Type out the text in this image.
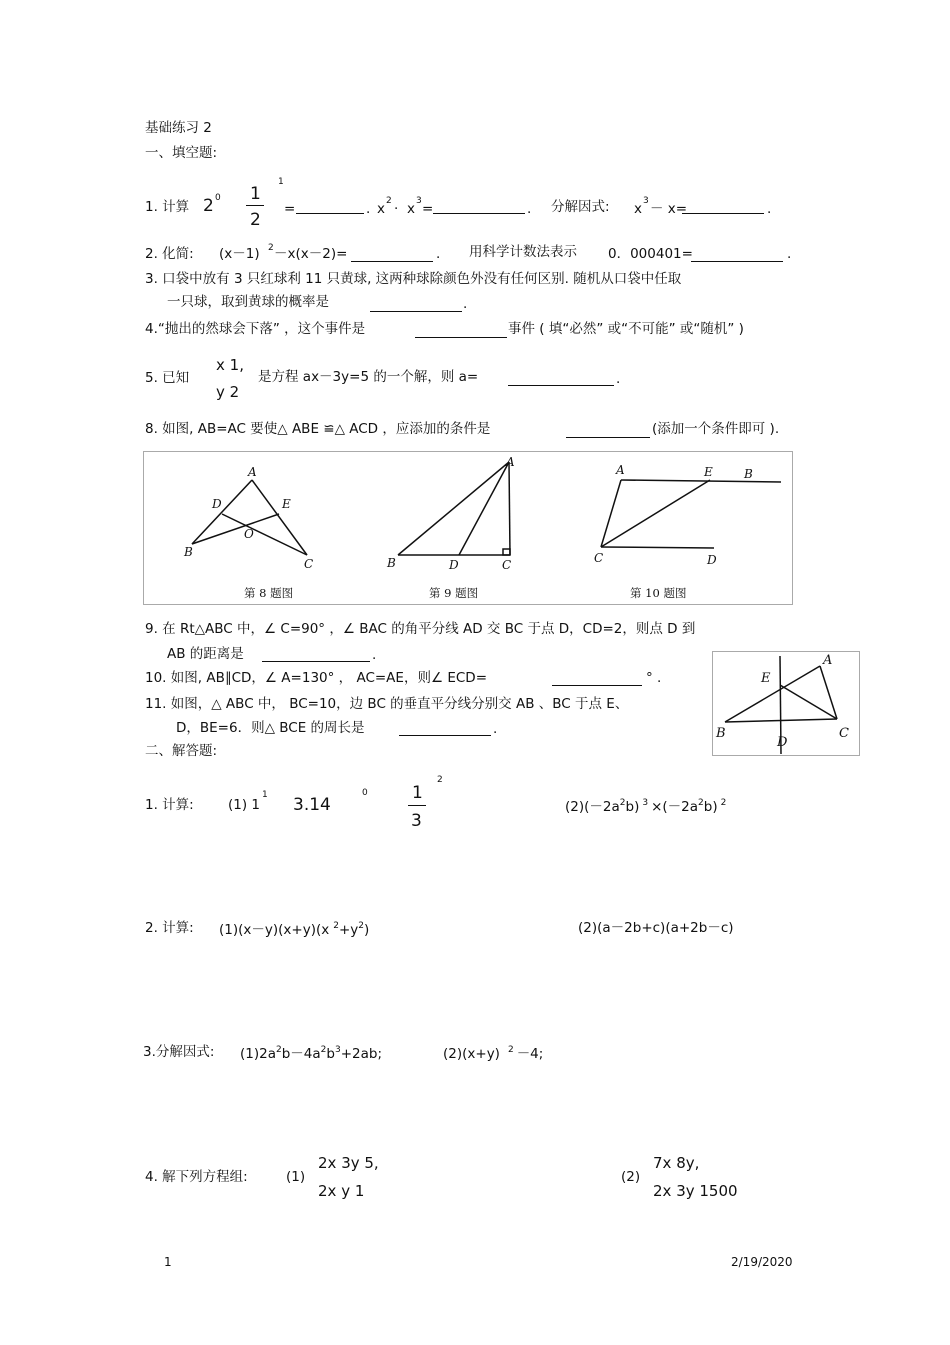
基础练习 2
一、填空题:
1. 计算 2 0 1
2
1
=	. x 2 · x 3 =	. 分解因式: x 3 － x=	.
2. 化简: (x－1) 2 －x(x－2)=	. 用科学计数法表示 0．000401=	.
3. 口袋中放有 3 只红球利 11 只黄球, 这两种球除颜色外没有任何区别. 随机从口袋中任取
一只球，取到黄球的概率是	.
4.“抛出的然球会下落” ，这个事件是	事件 ( 填“必然” 或“不可能” 或“随机” )
5. 已知
x 1,
y 2
是方程 ax－3y=5 的一个解，则 a=	.
8. 如图, AB=AC 要使△ ABE ≌△ ACD ，应添加的条件是	(添加一个条件即可 ).
A
D	E
O
B
C
A
B	D	C
A	E	B
C	D
第 8 题图	第 9 题图	第 10 题图
9. 在 Rt△ABC 中，∠ C=90° ，∠ BAC 的角平分线 AD 交 BC 于点 D，CD=2，则点 D 到
AB 的距离是	.
10. 如图, AB∥CD，∠ A=130° ， AC=AE，则∠ ECD=	° .
11. 如图，△ ABC 中， BC=10，边 BC 的垂直平分线分别交 AB 、BC 于点 E、
D，BE=6．则△ BCE 的周长是	.
E
A
B
D
C
二、解答题:
1. 计算:	(1) 1
1 3.14
0	1
3
2
$(2)(-2a^2b)$ $^3 \times(-2a^2b)$ $^2$
2. 计算: (1)(x－y)(x+y)(x $^2+y^2$)	(2)(a－2b+c)(a+2b－c)
3.分解因式: $(1)2a^2b-4a^2b^3+2ab$;	(2)(x+y) $^2$ －4;
4. 解下列方程组:	(1)
2x 3y 5,
2x y 1
(2)
7x 8y,
2x 3y 1500
1	2/19/2020
